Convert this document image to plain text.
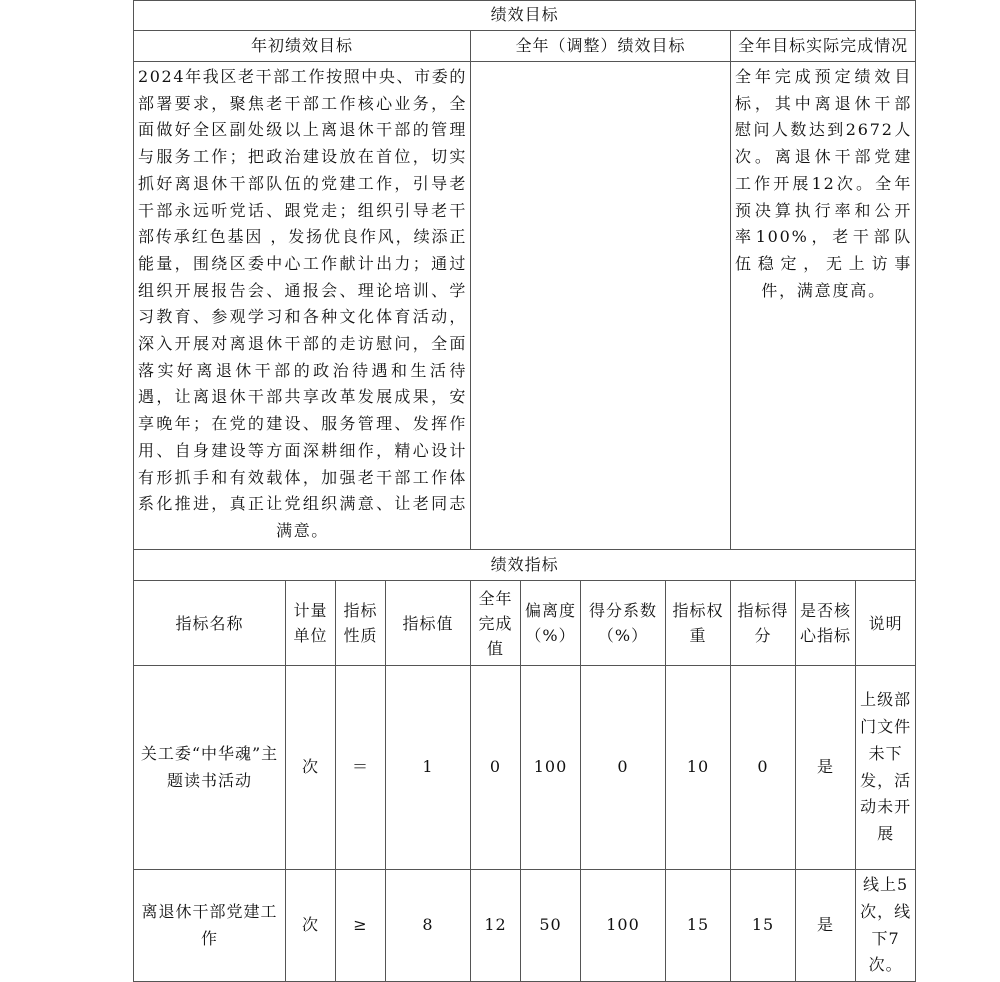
绩效目标										
年初绩效目标				全年（调整）绩效目标				全年目标实际完成情况		
2024年我区老干部工作按照中央、市委的部署要求，聚焦老干部工作核心业务，全面做好全区副处级以上离退休干部的管理与服务工作；把政治建设放在首位，切实抓好离退休干部队伍的党建工作，引导老干部永远听党话、跟党走；组织引导老干部传承红色基因 ，发扬优良作风，续添正能量，围绕区委中心工作献计出力；通过组织开展报告会、通报会、理论培训、学习教育、参观学习和各种文化体育活动，深入开展对离退休干部的走访慰问，全面落实好离退休干部的政治待遇和生活待遇，让离退休干部共享改革发展成果，安享晚年；在党的建设、服务管理、发挥作用、自身建设等方面深耕细作，精心设计有形抓手和有效载体，加强老干部工作体系化推进，真正让党组织满意、让老同志满意。								全年完成预定绩效目标，其中离退休干部慰问人数达到2672人次。离退休干部党建工作开展12次。全年预决算执行率和公开率100%，老干部队伍稳定，无上访事件，满意度高。		
绩效指标										
指标名称	计量单位	指标性质	指标值	全年完成值	偏离度（%）	得分系数（%）	指标权重	指标得分	是否核心指标	说明
关工委“中华魂”主题读书活动	次	＝	1	0	100	0	10	0	是	上级部门文件未下发，活动未开展
离退休干部党建工作	次	≥	8	12	50	100	15	15	是	线上5次，线下7次。
